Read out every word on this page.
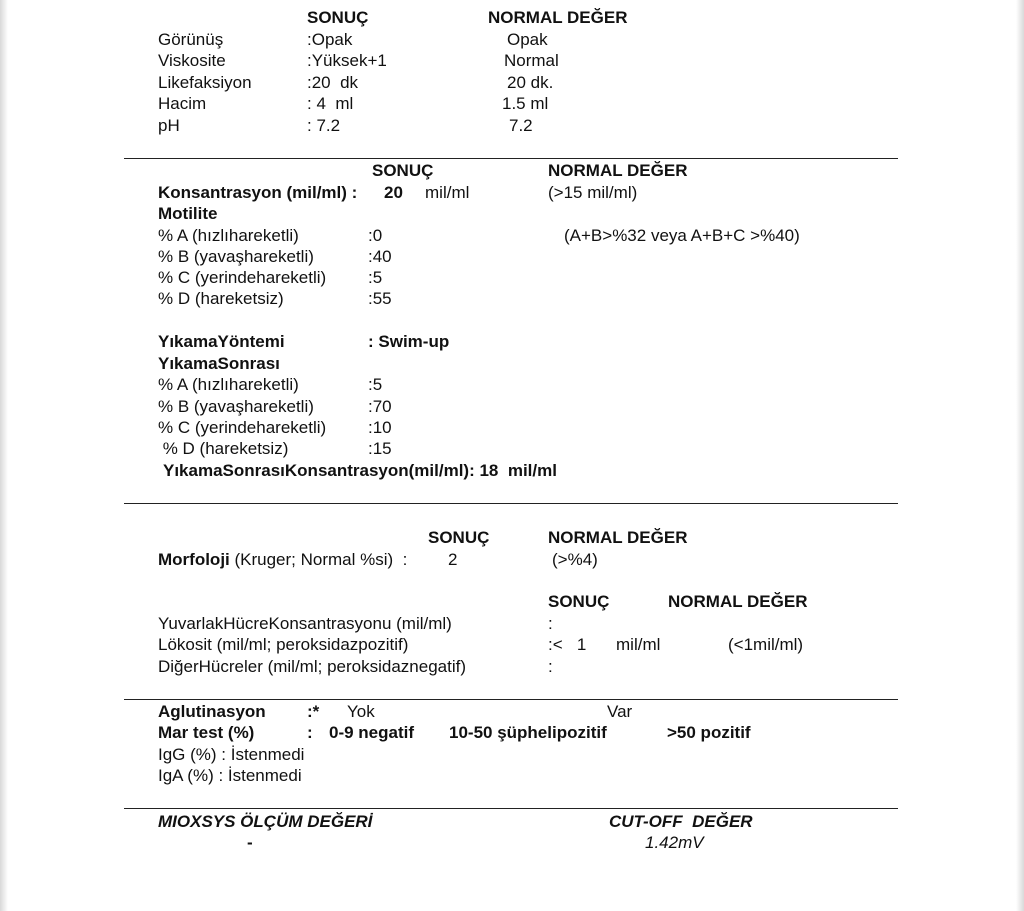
SONUÇ	NORMAL DEĞER
Görünüş	:Opak	Opak
Viskosite	:Yüksek+1	Normal
Likefaksiyon	:20  dk	20 dk.
Hacim	: 4  ml	1.5 ml
pH	: 7.2	7.2
SONUÇ	NORMAL DEĞER
Konsantrasyon (mil/ml) : 20 mil/ml	(>15 mil/ml)
Motilite
% A (hızlıhareketli)	:0	(A+B>%32 veya A+B+C >%40)
% B (yavaşhareketli)	:40
% C (yerindehareketli) :5
% D (hareketsiz)	:55
YıkamaYöntemi	: Swim-up
YıkamaSonrası
% A (hızlıhareketli)	:5
% B (yavaşhareketli)	:70
% C (yerindehareketli) :10
% D (hareketsiz)	:15
YıkamaSonrasıKonsantrasyon(mil/ml): 18  mil/ml
SONUÇ	NORMAL DEĞER
Morfoloji (Kruger; Normal %si)  : 2	(>%4)
SONUÇ	NORMAL DEĞER
YuvarlakHücreKonsantrasyonu (mil/ml)	:
Lökosit (mil/ml; peroksidazpozitif)	:<   1 mil/ml	(<1mil/ml)
DiğerHücreler (mil/ml; peroksidaznegatif)	:
Aglutinasyon :* Yok	Var
Mar test (%)	: 0-9 negatif 10-50 şüphelipozitif	>50 pozitif
IgG (%) : İstenmedi
IgA (%) : İstenmedi
MIOXSYS ÖLÇÜM DEĞERİ	CUT-OFF  DEĞER
-	1.42mV
